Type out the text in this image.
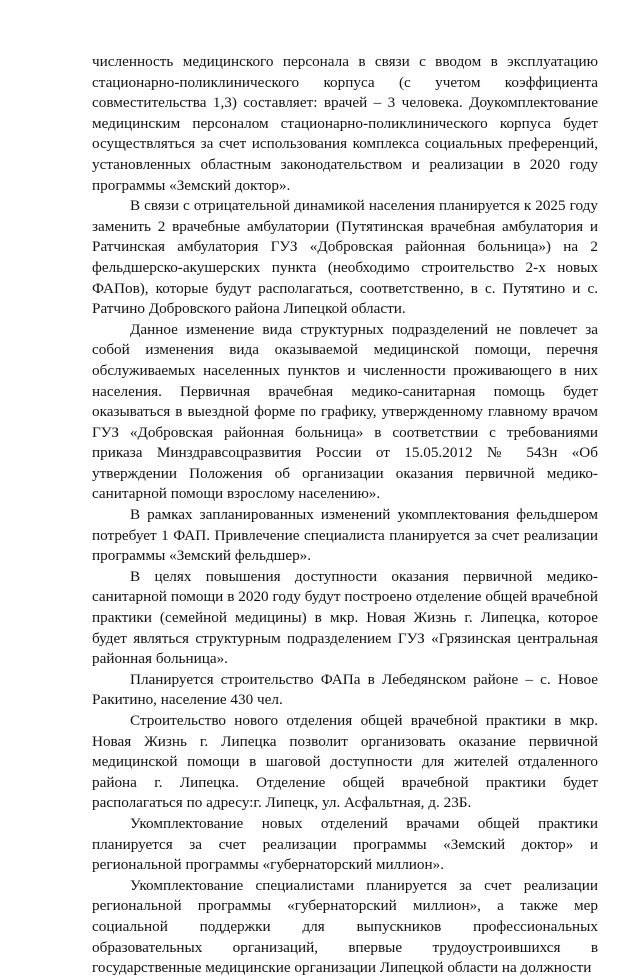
численность медицинского персонала в связи с вводом в эксплуатацию стационарно-поликлинического корпуса (с учетом коэффициента совместительства 1,3) составляет: врачей – 3 человека. Доукомплектование медицинским персоналом стационарно-поликлинического корпуса будет осуществляться за счет использования комплекса социальных преференций, установленных областным законодательством и реализации в 2020 году программы «Земский доктор».

В связи с отрицательной динамикой населения планируется к 2025 году заменить 2 врачебные амбулатории (Путятинская врачебная амбулатория и Ратчинская амбулатория ГУЗ «Добровская районная больница») на 2 фельдшерско-акушерских пункта (необходимо строительство 2-х новых ФАПов), которые будут располагаться, соответственно, в с. Путятино и с. Ратчино Добровского района Липецкой области.

Данное изменение вида структурных подразделений не повлечет за собой изменения вида оказываемой медицинской помощи, перечня обслуживаемых населенных пунктов и численности проживающего в них населения. Первичная врачебная медико-санитарная помощь будет оказываться в выездной форме по графику, утвержденному главному врачом ГУЗ «Добровская районная больница» в соответствии с требованиями приказа Минздравсоцразвития России от 15.05.2012 № 543н «Об утверждении Положения об организации оказания первичной медико-санитарной помощи взрослому населению».

В рамках запланированных изменений укомплектования фельдшером потребует 1 ФАП. Привлечение специалиста планируется за счет реализации программы «Земский фельдшер».

В целях повышения доступности оказания первичной медико-санитарной помощи в 2020 году будут построено отделение общей врачебной практики (семейной медицины) в мкр. Новая Жизнь г. Липецка, которое будет являться структурным подразделением ГУЗ «Грязинская центральная районная больница».

Планируется строительство ФАПа в Лебедянском районе – с. Новое Ракитино, население 430 чел.

Строительство нового отделения общей врачебной практики в мкр. Новая Жизнь г. Липецка позволит организовать оказание первичной медицинской помощи в шаговой доступности для жителей отдаленного района г. Липецка. Отделение общей врачебной практики будет располагаться по адресу:г. Липецк, ул. Асфальтная, д. 23Б.

Укомплектование новых отделений врачами общей практики планируется за счет реализации программы «Земский доктор» и региональной программы «губернаторский миллион».

Укомплектование специалистами планируется за счет реализации региональной программы «губернаторский миллион», а также мер социальной поддержки для выпускников профессиональных образовательных организаций, впервые трудоустроившихся в государственные медицинские организации Липецкой области на должности
